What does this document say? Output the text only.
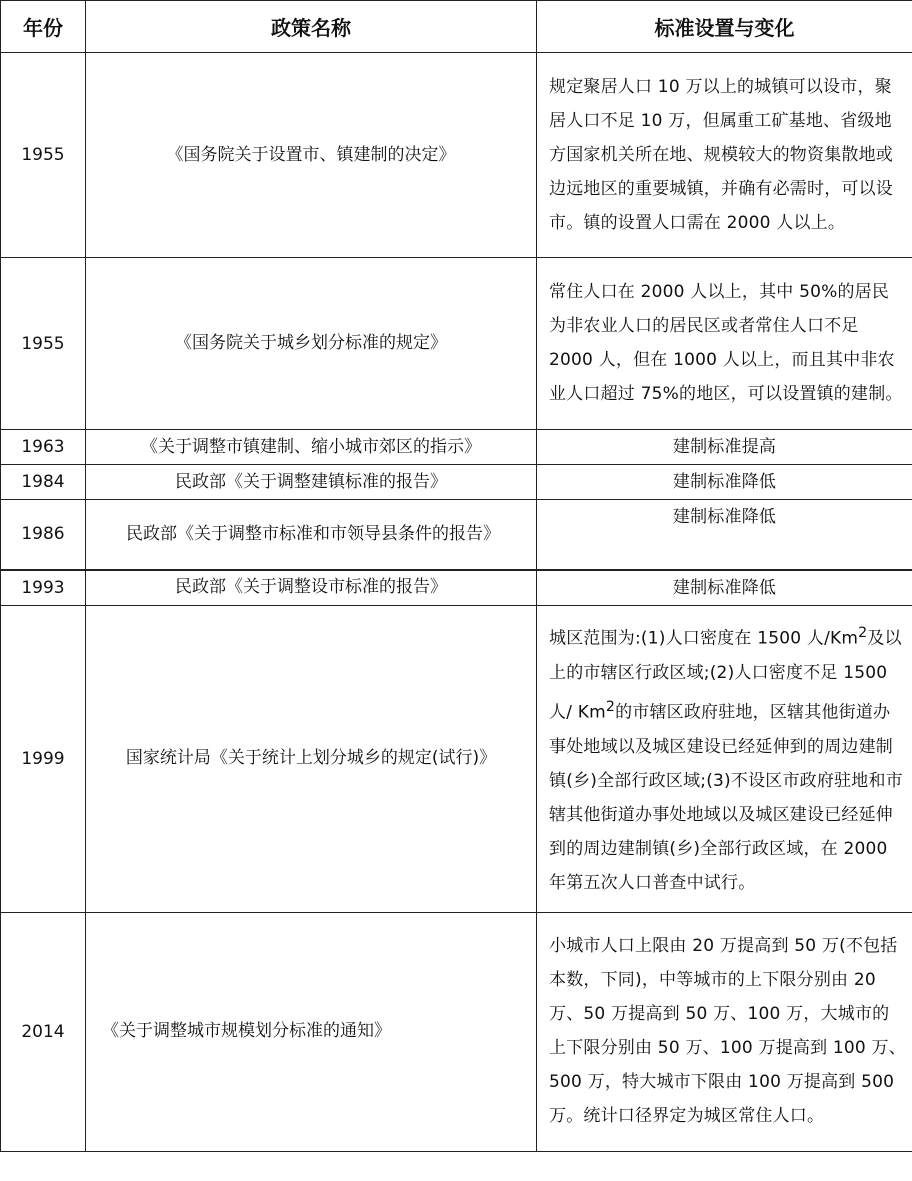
年份	政策名称	标准设置与变化
1955	《国务院关于设置市、镇建制的决定》	规定聚居人口 10 万以上的城镇可以设市，聚居人口不足 10 万，但属重工矿基地、省级地方国家机关所在地、规模较大的物资集散地或边远地区的重要城镇，并确有必需时，可以设市。镇的设置人口需在 2000 人以上。
1955	《国务院关于城乡划分标准的规定》	常住人口在 2000 人以上，其中 50%的居民为非农业人口的居民区或者常住人口不足 2000 人，但在 1000 人以上，而且其中非农业人口超过 75%的地区，可以设置镇的建制。
1963	《关于调整市镇建制、缩小城市郊区的指示》	建制标准提高
1984	民政部《关于调整建镇标准的报告》	建制标准降低
1986	民政部《关于调整市标准和市领导县条件的报告》	建制标准降低
1993	民政部《关于调整设市标准的报告》	建制标准降低
1999	国家统计局《关于统计上划分城乡的规定(试行)》	城区范围为:(1)人口密度在 1500 人/Km$^2$及以上的市辖区行政区域;(2)人口密度不足 1500 人/ Km$^2$的市辖区政府驻地，区辖其他街道办事处地域以及城区建设已经延伸到的周边建制镇(乡)全部行政区域;(3)不设区市政府驻地和市辖其他街道办事处地域以及城区建设已经延伸到的周边建制镇(乡)全部行政区域，在 2000 年第五次人口普查中试行。
2014	《关于调整城市规模划分标准的通知》	小城市人口上限由 20 万提高到 50 万(不包括本数，下同)，中等城市的上下限分别由 20 万、50 万提高到 50 万、100 万，大城市的上下限分别由 50 万、100 万提高到 100 万、500 万，特大城市下限由 100 万提高到 500 万。统计口径界定为城区常住人口。
